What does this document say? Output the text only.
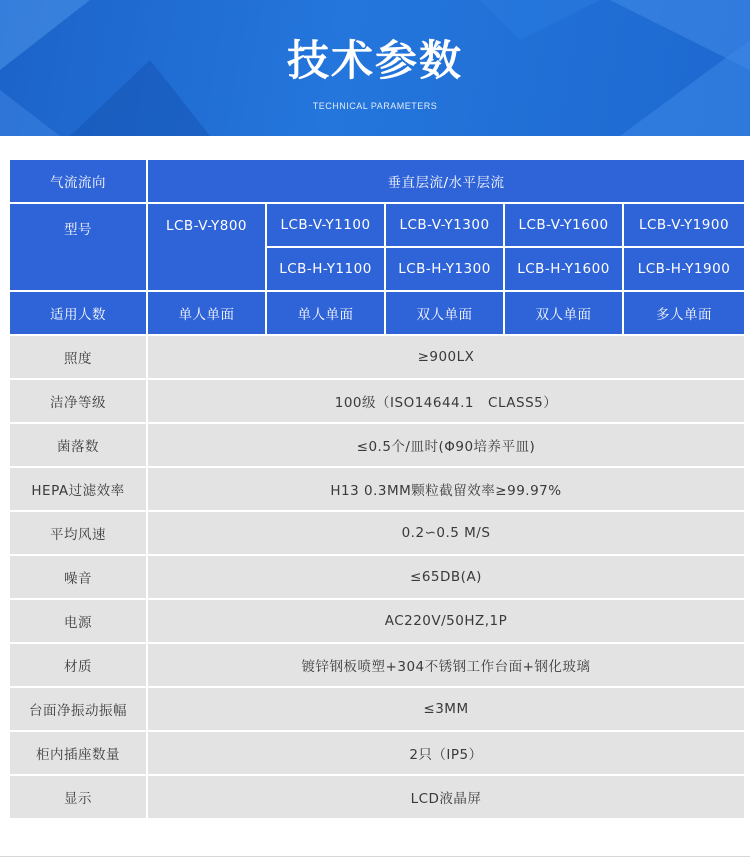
技术参数
TECHNICAL PARAMETERS
气流流向	垂直层流/水平层流				
型号	LCB-V-Y800	LCB-V-Y1100	LCB-V-Y1300	LCB-V-Y1600	LCB-V-Y1900
		LCB-H-Y1100	LCB-H-Y1300	LCB-H-Y1600	LCB-H-Y1900
适用人数	单人单面	单人单面	双人单面	双人单面	多人单面
照度	≥900LX				
洁净等级	100级（ISO14644.1　CLASS5）				
菌落数	≤0.5个/皿时(Φ90培养平皿)				
HEPA过滤效率	H13 0.3MM颗粒截留效率≥99.97%				
平均风速	0.2∽0.5 M/S				
噪音	≤65DB(A)				
电源	AC220V/50HZ,1P				
材质	镀锌钢板喷塑+304不锈钢工作台面+钢化玻璃				
台面净振动振幅	≤3MM				
柜内插座数量	2只（IP5）				
显示	LCD液晶屏				
